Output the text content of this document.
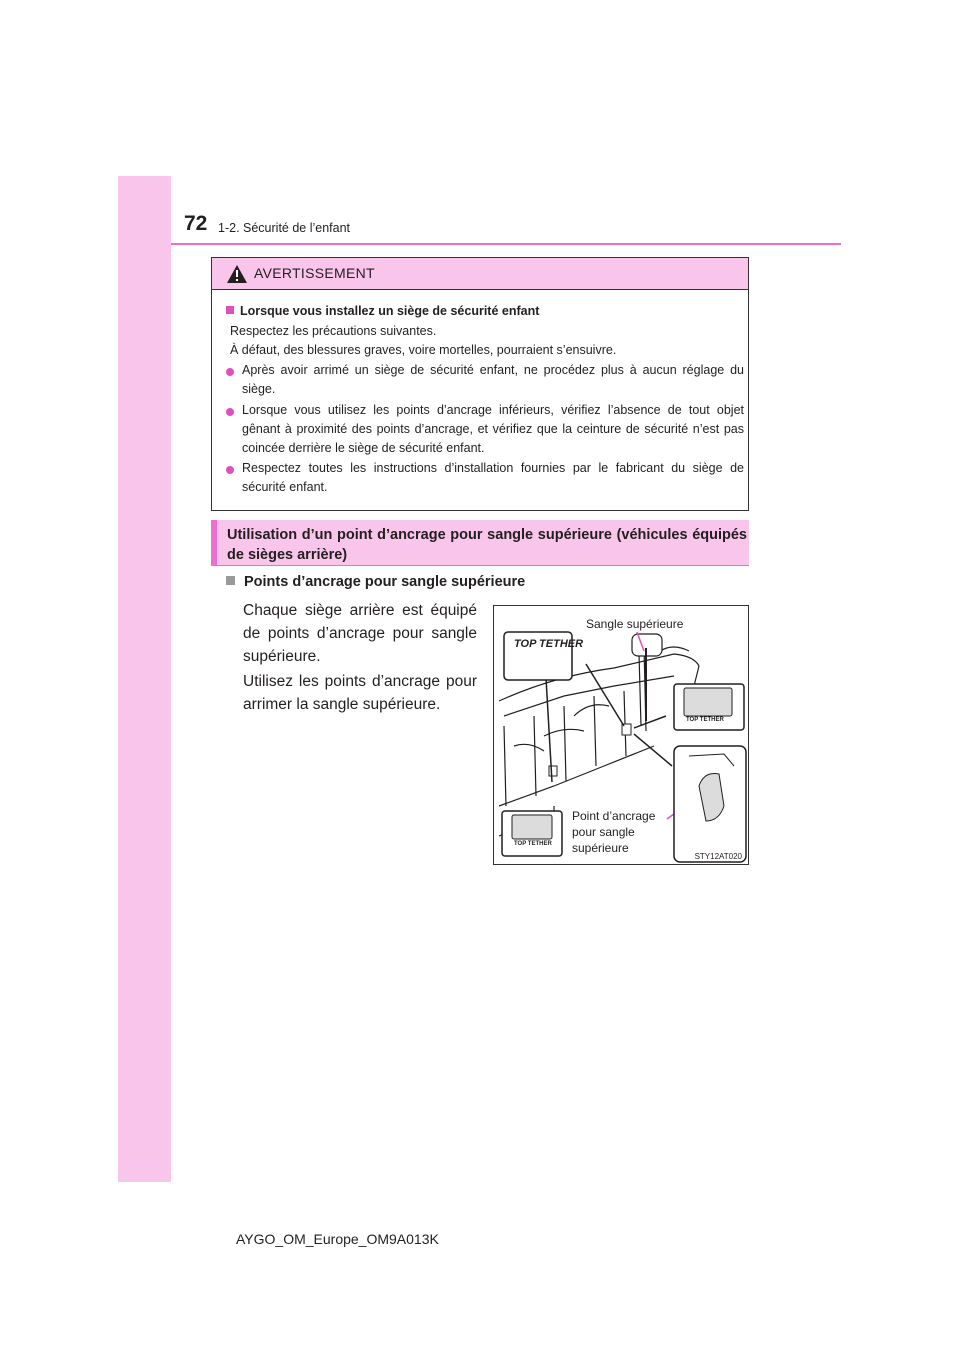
72 1-2. Sécurité de l’enfant
AVERTISSEMENT
Lorsque vous installez un siège de sécurité enfant
Respectez les précautions suivantes.
À défaut, des blessures graves, voire mortelles, pourraient s’ensuivre.
Après avoir arrimé un siège de sécurité enfant, ne procédez plus à aucun réglage du siège.
Lorsque vous utilisez les points d’ancrage inférieurs, vérifiez l’absence de tout objet gênant à proximité des points d’ancrage, et vérifiez que la ceinture de sécurité n’est pas coincée derrière le siège de sécurité enfant.
Respectez toutes les instructions d’installation fournies par le fabricant du siège de sécurité enfant.
Utilisation d’un point d’ancrage pour sangle supérieure (véhicules équipés de sièges arrière)
Points d’ancrage pour sangle supérieure
Chaque siège arrière est équipé de points d’ancrage pour sangle supérieure.
Utilisez les points d’ancrage pour arrimer la sangle supérieure.
TOP TETHER
TOP TETHER
TOP TETHER
Sangle supérieure
Point d’ancrage
pour sangle
supérieure
STY12AT020
AYGO_OM_Europe_OM9A013K
